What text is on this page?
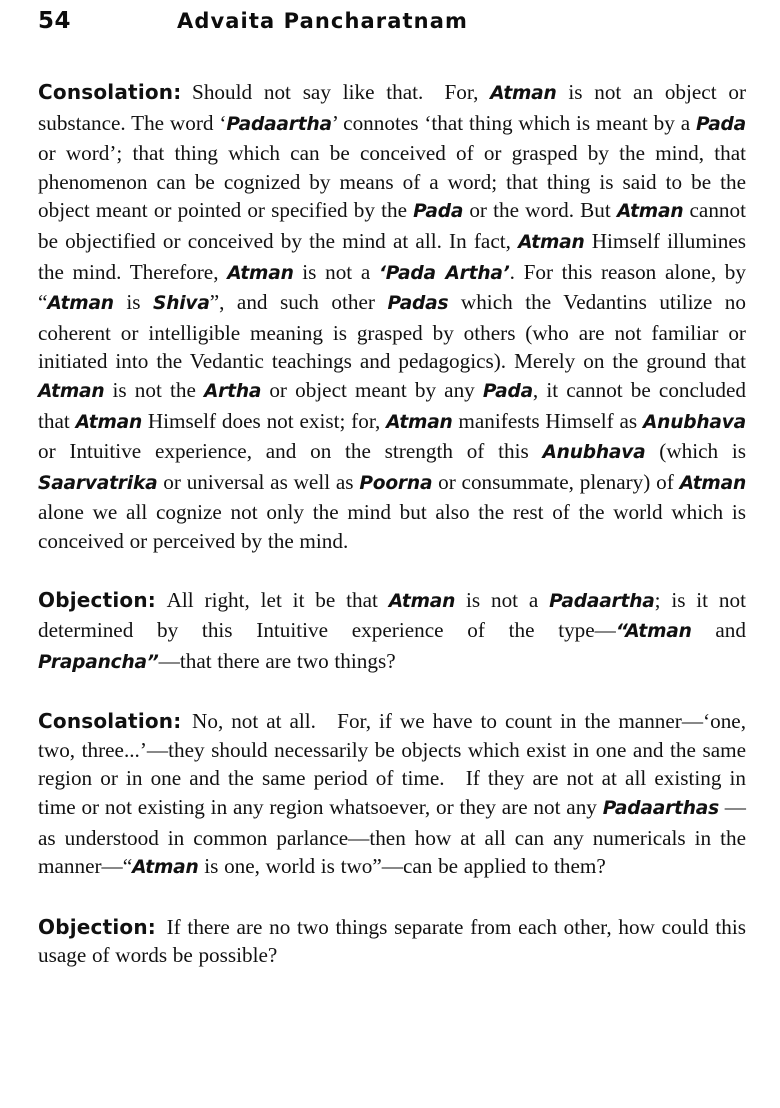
54	Advaita Pancharatnam

Consolation:  Should not say like that. For, Atman is not an object or substance. The word ‘Padaartha’ connotes ‘that thing which is meant by a Pada or word’; that thing which can be conceived of or grasped by the mind, that phenomenon can be cognized by means of a word; that thing is said to be the object meant or pointed or specified by the Pada or the word. But Atman cannot be objectified or conceived by the mind at all. In fact, Atman Himself illumines the mind. Therefore, Atman is not a ‘Pada Artha’. For this reason alone, by “Atman is Shiva”, and such other Padas which the Vedantins utilize no coherent or intelligible meaning is grasped by others (who are not familiar or initiated into the Vedantic teachings and pedagogics). Merely on the ground that Atman is not the Artha or object meant by any Pada, it cannot be concluded that Atman Himself does not exist; for, Atman manifests Himself as Anubhava or Intuitive experience, and on the strength of this Anubhava (which is Saarvatrika or universal as well as Poorna or consummate, plenary) of Atman alone we all cognize not only the mind but also the rest of the world which is conceived or perceived by the mind.

Objection:  All right, let it be that Atman is not a Padaartha; is it not determined by this Intuitive experience of the type—“Atman and Prapancha”—that there are two things?

Consolation:  No, not at all. For, if we have to count in the manner—‘one, two, three...’—they should necessarily be objects which exist in one and the same region or in one and the same period of time. If they are not at all existing in time or not existing in any region whatsoever, or they are not any Padaarthas —as understood in common parlance—then how at all can any numericals in the manner—“Atman is one, world is two”—can be applied to them?

Objection:  If there are no two things separate from each other, how could this usage of words be possible?
